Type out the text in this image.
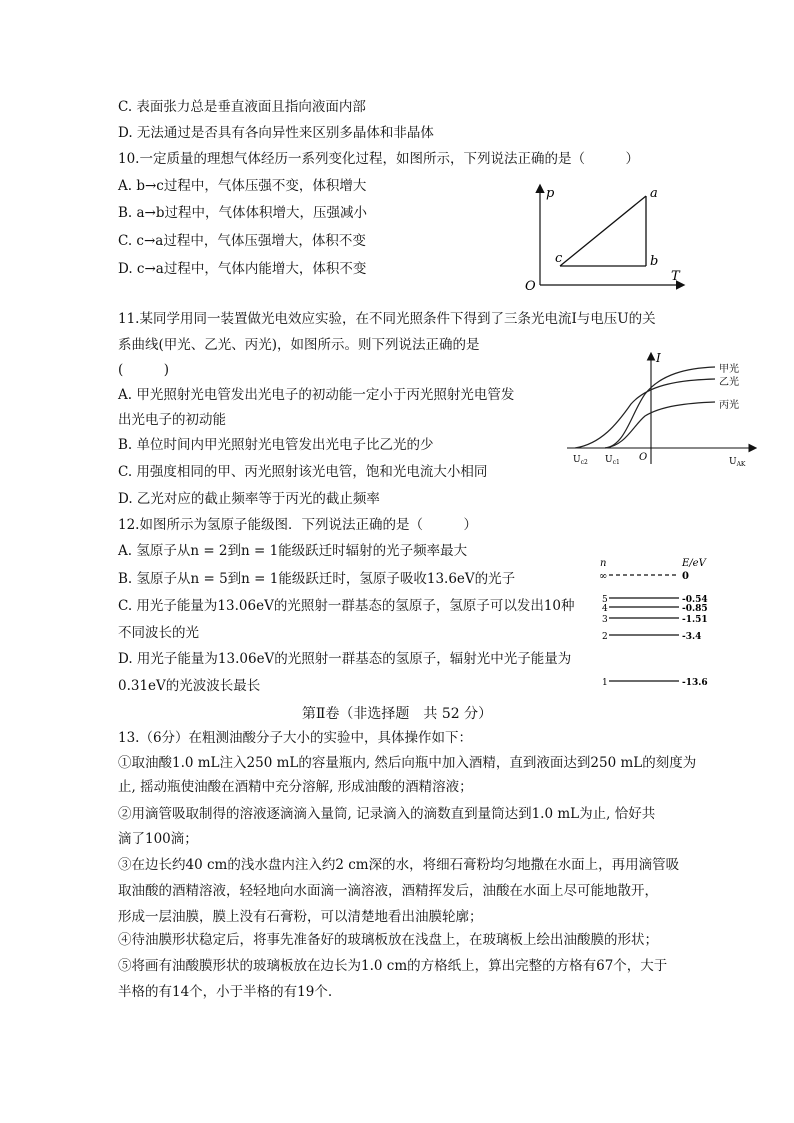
C. 表面张力总是垂直液面且指向液面内部
D. 无法通过是否具有各向异性来区别多晶体和非晶体
10.一定质量的理想气体经历一系列变化过程，如图所示，下列说法正确的是（　　　）
A. b→c过程中，气体压强不变，体积增大
B. a→b过程中，气体体积增大，压强减小
C. c→a过程中，气体压强增大，体积不变
D. c→a过程中，气体内能增大，体积不变
p
T
O
a
b
c
11.某同学用同一装置做光电效应实验，在不同光照条件下得到了三条光电流I与电压U的关
系曲线(甲光、乙光、丙光)，如图所示。则下列说法正确的是
(　　　)
A. 甲光照射光电管发出光电子的初动能一定小于丙光照射光电管发
出光电子的初动能
B. 单位时间内甲光照射光电管发出光电子比乙光的少
C. 用强度相同的甲、丙光照射该光电管，饱和光电流大小相同
D. 乙光对应的截止频率等于丙光的截止频率
I
$U_{AK}$
$U_{c2}$ $U_{c1}$ O
甲光
乙光
丙光
12.如图所示为氢原子能级图．下列说法正确的是（　　　）
A. 氢原子从n = 2到n = 1能级跃迁时辐射的光子频率最大
B. 氢原子从n = 5到n = 1能级跃迁时，氢原子吸收13.6eV的光子
C. 用光子能量为13.06eV的光照射一群基态的氢原子，氢原子可以发出10种
不同波长的光
D. 用光子能量为13.06eV的光照射一群基态的氢原子，辐射光中光子能量为
0.31eV的光波波长最长
n	E/eV
∞	0
5	-0.54
4	-0.85
3	-1.51
2	-3.4
1	-13.6
第Ⅱ卷（非选择题　共 52 分）
13.（6分）在粗测油酸分子大小的实验中，具体操作如下：
①取油酸1.0 mL注入250 mL的容量瓶内, 然后向瓶中加入酒精，直到液面达到250 mL的刻度为
止, 摇动瓶使油酸在酒精中充分溶解, 形成油酸的酒精溶液；
②用滴管吸取制得的溶液逐滴滴入量筒, 记录滴入的滴数直到量筒达到1.0 mL为止, 恰好共
滴了100滴；
③在边长约40 cm的浅水盘内注入约2 cm深的水，将细石膏粉均匀地撒在水面上，再用滴管吸
取油酸的酒精溶液，轻轻地向水面滴一滴溶液，酒精挥发后，油酸在水面上尽可能地散开，
形成一层油膜，膜上没有石膏粉，可以清楚地看出油膜轮廓；
④待油膜形状稳定后，将事先准备好的玻璃板放在浅盘上，在玻璃板上绘出油酸膜的形状；
⑤将画有油酸膜形状的玻璃板放在边长为1.0 cm的方格纸上，算出完整的方格有67个，大于
半格的有14个，小于半格的有19个.
